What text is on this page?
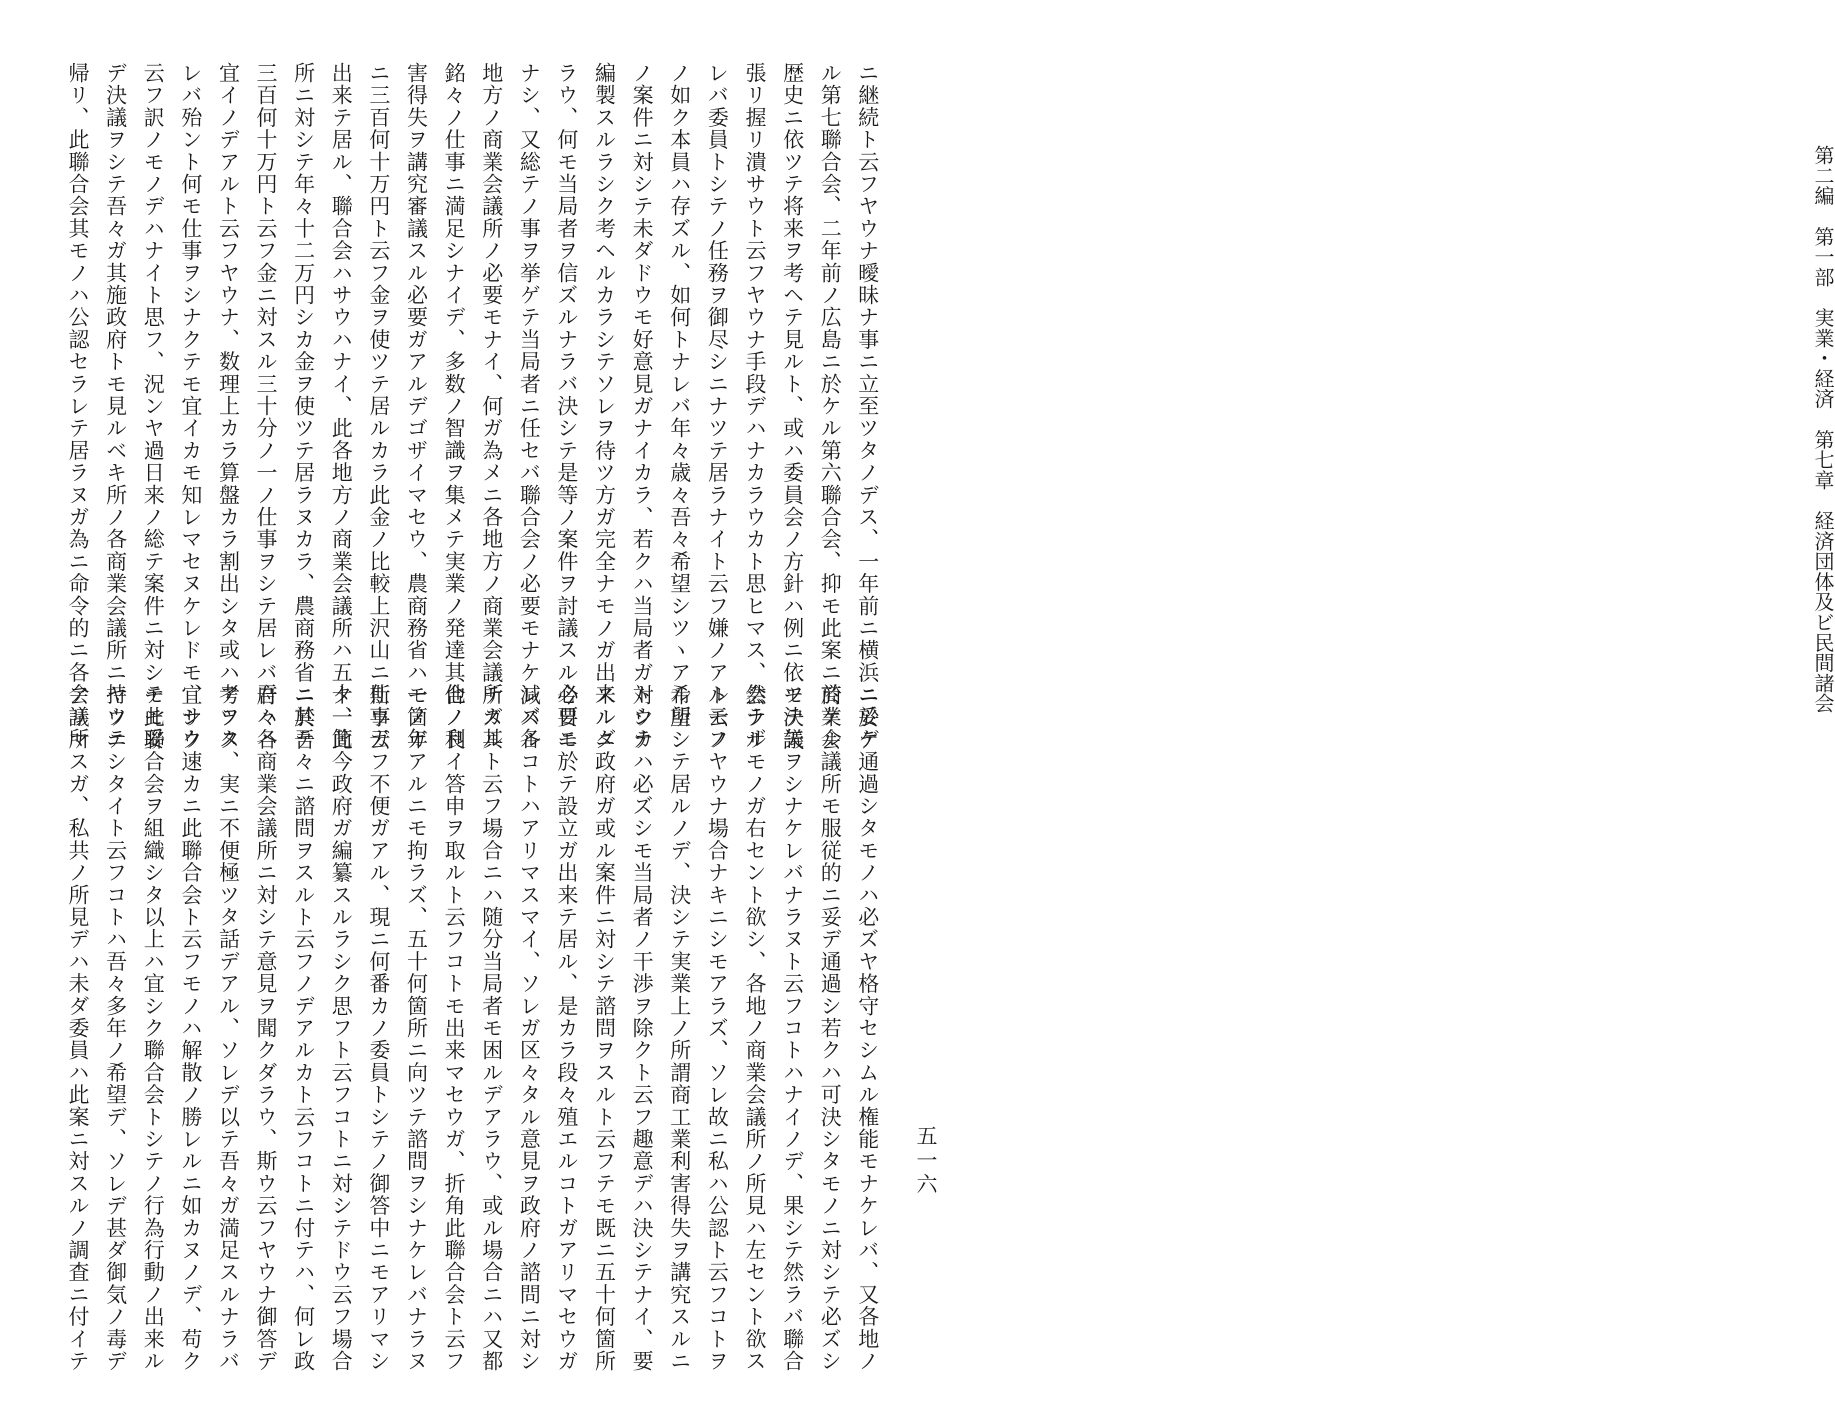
第二編　第一部　実業・経済　第七章　経済団体及ビ民間諸会
五一六
ニ継続ト云フヤウナ曖昧ナ事ニ立至ツタノデス、一年前ニ横浜ニ於ケ
ル第七聯合会、二年前ノ広島ニ於ケル第六聯合会、抑モ此案ニ於ケル
歴史ニ依ツテ将来ヲ考ヘテ見ルト、或ハ委員会ノ方針ハ例ニ依ツテ矢
張リ握リ潰サウト云フヤウナ手段デハナカラウカト思ヒマス、然ラザ
レバ委員トシテノ任務ヲ御尽シニナツテ居ラナイト云フ嫌ノアルモノ
ノ如ク本員ハ存ズル、如何トナレバ年々歳々吾々希望シツヽアル所
ノ案件ニ対シテ未ダドウモ好意見ガナイカラ、若クハ当局者ガトウカ
編製スルラシク考ヘルカラシテソレヲ待ツ方ガ完全ナモノガ出来ルダ
ラウ、何モ当局者ヲ信ズルナラバ決シテ是等ノ案件ヲ討議スル必要モ
ナシ、又総テノ事ヲ挙ゲテ当局者ニ任セバ聯合会ノ必要モナケレバ各
地方ノ商業会議所ノ必要モナイ、何ガ為メニ各地方ノ商業会議所ガ其
銘々ノ仕事ニ満足シナイデ、多数ノ智識ヲ集メテ実業ノ発達其他ノ利
害得失ヲ講究審議スル必要ガアルデゴザイマセウ、農商務省ハ一箇年
ニ三百何十万円ト云フ金ヲ使ツテ居ルカラ此金ノ比較上沢山ニ仕事ガ
出来テ居ル、聯合会ハサウハナイ、此各地方ノ商業会議所ハ五十一箇
所ニ対シテ年々十二万円シカ金ヲ使ツテ居ラヌカラ、農商務省ニ於テ
三百何十万円ト云フ金ニ対スル三十分ノ一ノ仕事ヲシテ居レバ吾々ハ
宜イノデアルト云フヤウナ、数理上カラ算盤カラ割出シタ或ハ考ヲス
レバ殆ント何モ仕事ヲシナクテモ宜イカモ知レマセヌケレドモ、サウ
云フ訳ノモノデハナイト思フ、況ンヤ過日来ノ総テ案件ニ対シテモ妥
デ決議ヲシテ吾々ガ其施政府トモ見ルベキ所ノ各商業会議所ニ持ツテ
帰リ、此聯合会其モノハ公認セラレテ居ラヌガ為ニ命令的ニ各会議所
ニ妥デ通過シタモノハ必ズヤ格守セシムル権能モナケレバ、又各地ノ
商業会議所モ服従的ニ妥デ通過シ若クハ可決シタモノニ対シテ必ズシ
モ決議ヲシナケレバナラヌト云フコトハナイノデ、果シテ然ラバ聯合
会ナルモノガ右セント欲シ、各地ノ商業会議所ノ所見ハ左セント欲ス
ト云フヤウナ場合ナキニシモアラズ、ソレ故ニ私ハ公認ト云フコトヲ
希望シテ居ルノデ、決シテ実業上ノ所謂商工業利害得失ヲ講究スルニ
対シテハ必ズシモ当局者ノ干渉ヲ除クト云フ趣意デハ決シテナイ、要
スルニ政府ガ或ル案件ニ対シテ諮問ヲスルト云フテモ既ニ五十何箇所
今日ニ於テ設立ガ出来テ居ル、是カラ段々殖エルコトガアリマセウガ
減ズルコトハアリマスマイ、ソレガ区々タル意見ヲ政府ノ諮問ニ対シ
テスルト云フ場合ニハ随分当局者モ困ルデアラウ、或ル場合ニハ又都
合ノ良イ答申ヲ取ルト云フコトモ出来マセウガ、折角此聯合会ト云フ
モノガアルニモ拘ラズ、五十何箇所ニ向ツテ諮問ヲシナケレバナラヌ
斯ウ云フ不便ガアル、現ニ何番カノ委員トシテノ御答中ニモアリマシ
タ、此今政府ガ編纂スルラシク思フト云フコトニ対シテドウ云フ場合
ニ其吾々ニ諮問ヲスルト云フノデアルカト云フコトニ付テハ、何レ政
府ハ各商業会議所ニ対シテ意見ヲ聞クダラウ、斯ウ云フヤウナ御答デ
アツタ、実ニ不便極ツタ話デアル、ソレデ以テ吾々ガ満足スルナラバ
宜シク速カニ此聯合会ト云フモノハ解散ノ勝レルニ如カヌノデ、苟ク
モ此聯合会ヲ組織シタ以上ハ宜シク聯合会トシテノ行為行動ノ出来ル
ヤウニシタイト云フコトハ吾々多年ノ希望デ、ソレデ甚ダ御気ノ毒デ
アリマスガ、私共ノ所見デハ未ダ委員ハ此案ニ対スルノ調査ニ付イテ
